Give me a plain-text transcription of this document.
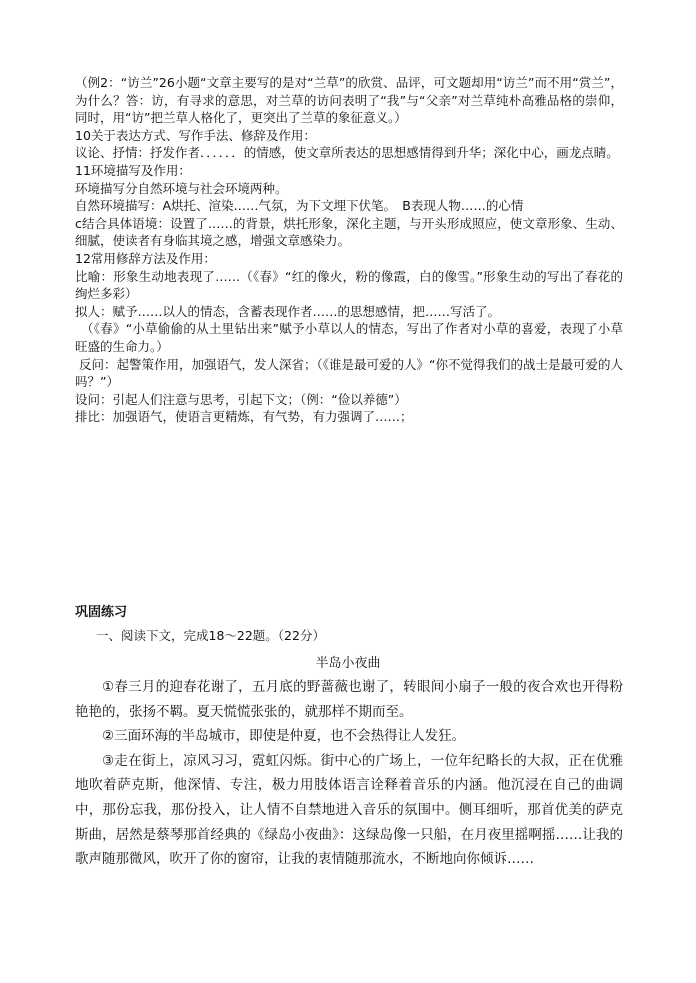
（例2：“访兰”26小题“文章主要写的是对“兰草”的欣赏、品评，可文题却用“访兰”而不用“赏兰”，为什么？答：访，有寻求的意思，对兰草的访问表明了“我”与“父亲”对兰草纯朴高雅品格的崇仰，同时，用“访”把兰草人格化了，更突出了兰草的象征意义。）

10关于表达方式、写作手法、修辞及作用：

议论、抒情：抒发作者．．．．．．的情感，使文章所表达的思想感情得到升华；深化中心，画龙点睛。

11环境描写及作用：

环境描写分自然环境与社会环境两种。

自然环境描写：A烘托、渲染……气氛，为下文埋下伏笔。　B表现人物……的心情

c结合具体语境：设置了……的背景，烘托形象，深化主题，与开头形成照应，使文章形象、生动、细腻，使读者有身临其境之感，增强文章感染力。

12常用修辞方法及作用：

比喻：形象生动地表现了……（《春》“红的像火，粉的像霞，白的像雪。”形象生动的写出了春花的绚烂多彩）

拟人：赋予……以人的情态，含蓄表现作者……的思想感情，把……写活了。

（《春》“小草偷偷的从土里钻出来”赋予小草以人的情态，写出了作者对小草的喜爱，表现了小草旺盛的生命力。）

反问：起警策作用，加强语气，发人深省；（《谁是最可爱的人》“你不觉得我们的战士是最可爱的人吗？”）

设问：引起人们注意与思考，引起下文；（例：“俭以养德”）

排比：加强语气，使语言更精炼，有气势，有力强调了……；

巩固练习

一、阅读下文，完成18～22题。（22分）

半岛小夜曲

①春三月的迎春花谢了，五月底的野蔷薇也谢了，转眼间小扇子一般的夜合欢也开得粉艳艳的，张扬不羁。夏天慌慌张张的，就那样不期而至。

②三面环海的半岛城市，即使是仲夏，也不会热得让人发狂。

③走在街上，凉风习习，霓虹闪烁。街中心的广场上，一位年纪略长的大叔，正在优雅地吹着萨克斯，他深情、专注，极力用肢体语言诠释着音乐的内涵。他沉浸在自己的曲调中，那份忘我，那份投入，让人情不自禁地进入音乐的氛围中。侧耳细听，那首优美的萨克斯曲，居然是蔡琴那首经典的《绿岛小夜曲》：这绿岛像一只船，在月夜里摇啊摇……让我的歌声随那微风，吹开了你的窗帘，让我的衷情随那流水，不断地向你倾诉……
